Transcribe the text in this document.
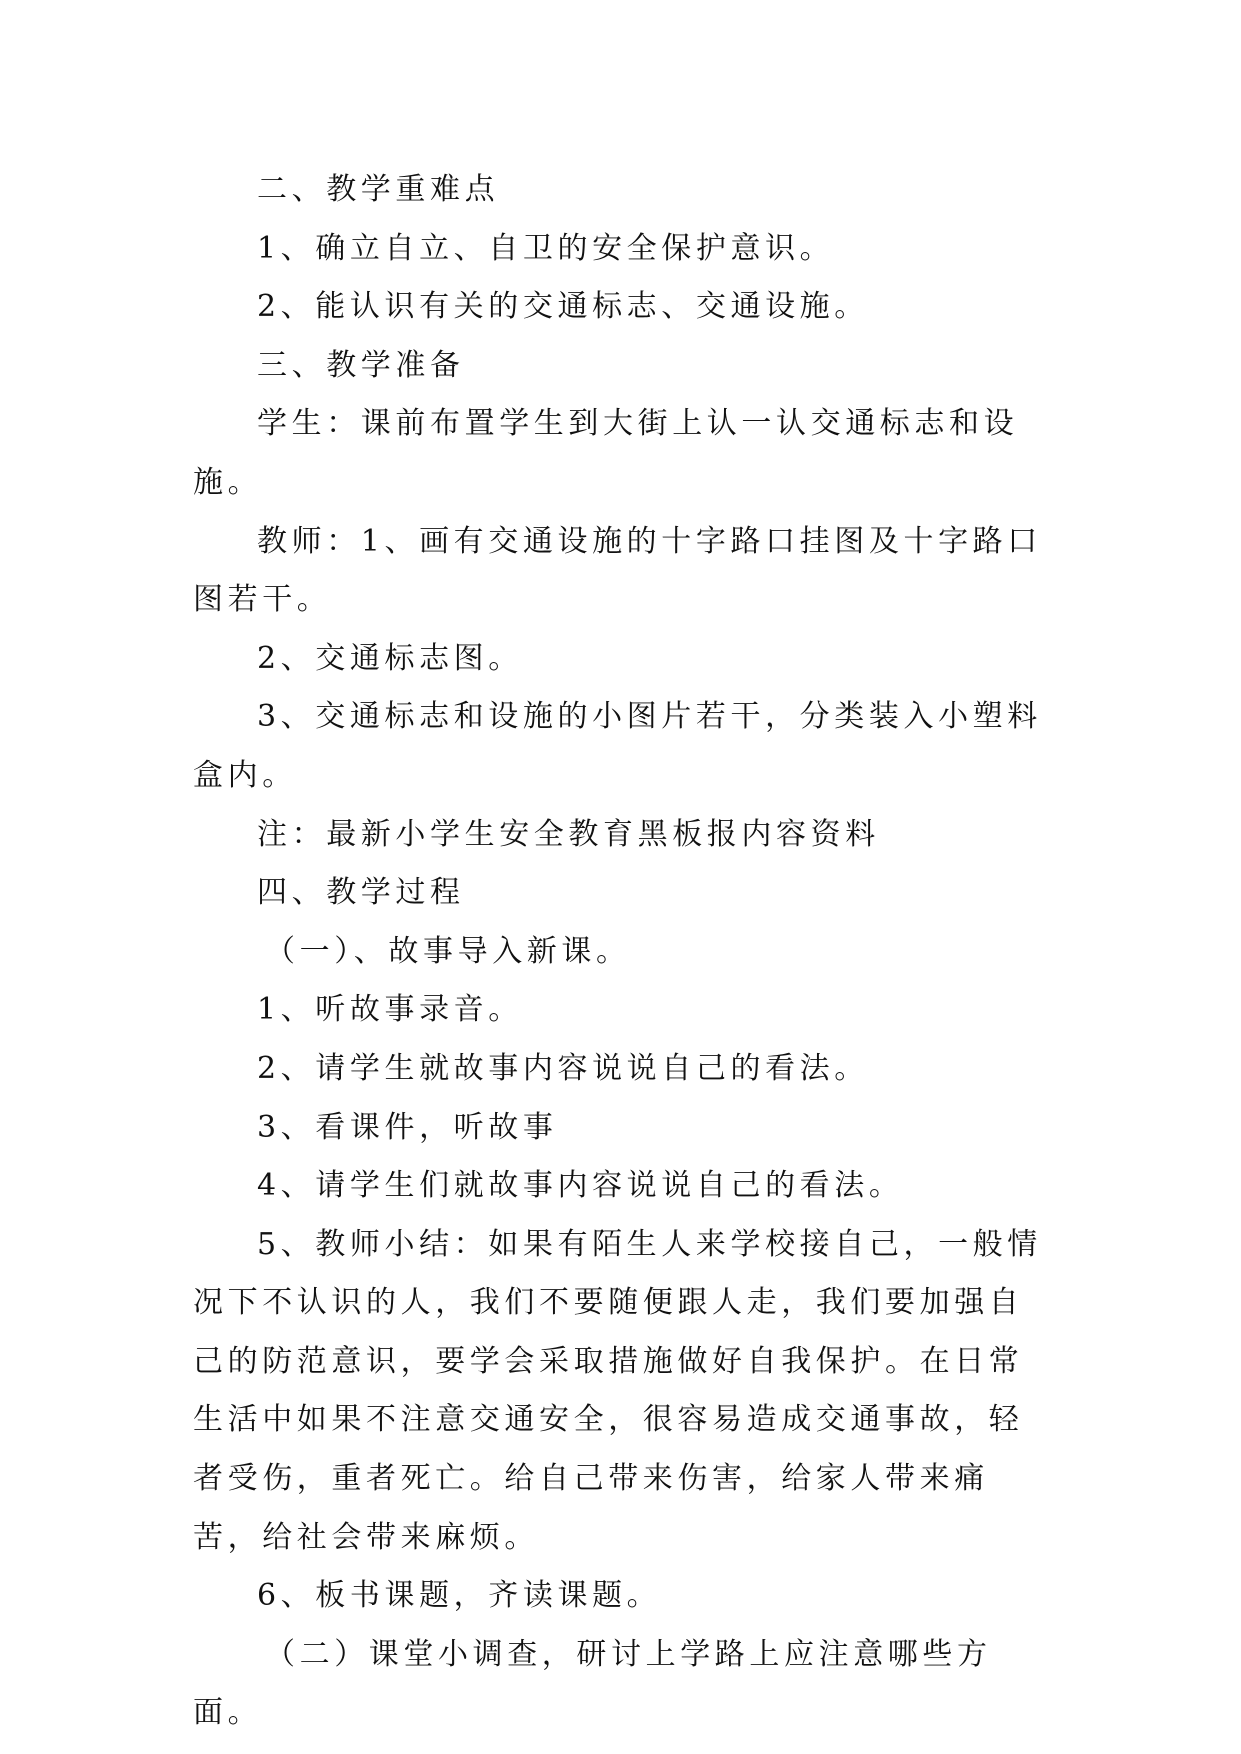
二、教学重难点

1、确立自立、自卫的安全保护意识。

2、能认识有关的交通标志、交通设施。

三、教学准备

学生：课前布置学生到大街上认一认交通标志和设施。

教师：1、画有交通设施的十字路口挂图及十字路口图若干。

2、交通标志图。

3、交通标志和设施的小图片若干，分类装入小塑料盒内。

注：最新小学生安全教育黑板报内容资料

四、教学过程

（一）、故事导入新课。

1、听故事录音。

2、请学生就故事内容说说自己的看法。

3、看课件，听故事

4、请学生们就故事内容说说自己的看法。

5、教师小结：如果有陌生人来学校接自己，一般情况下不认识的人，我们不要随便跟人走，我们要加强自己的防范意识，要学会采取措施做好自我保护。在日常生活中如果不注意交通安全，很容易造成交通事故，轻者受伤，重者死亡。给自己带来伤害，给家人带来痛苦，给社会带来麻烦。

6、板书课题，齐读课题。

（二）课堂小调查，研讨上学路上应注意哪些方面。
